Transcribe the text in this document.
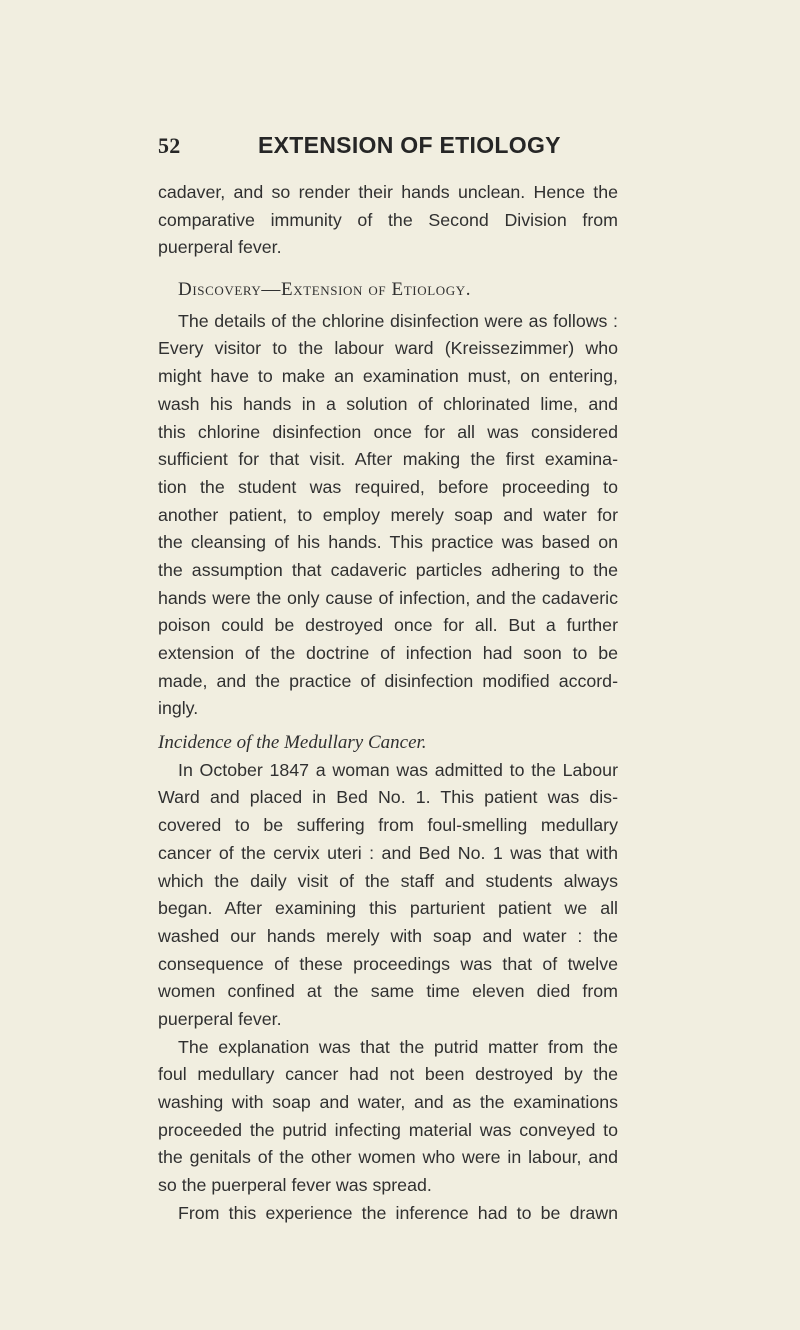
52	EXTENSION OF ETIOLOGY
cadaver, and so render their hands unclean. Hence the
comparative immunity of the Second Division from
puerperal fever.
Discovery—Extension of Etiology.
The details of the chlorine disinfection were as follows :
Every visitor to the labour ward (Kreissezimmer) who
might have to make an examination must, on entering,
wash his hands in a solution of chlorinated lime, and
this chlorine disinfection once for all was considered
sufficient for that visit. After making the first examina-
tion the student was required, before proceeding to
another patient, to employ merely soap and water for
the cleansing of his hands. This practice was based on
the assumption that cadaveric particles adhering to the
hands were the only cause of infection, and the cadaveric
poison could be destroyed once for all. But a further
extension of the doctrine of infection had soon to be
made, and the practice of disinfection modified accord-
ingly.
Incidence of the Medullary Cancer.
In October 1847 a woman was admitted to the Labour
Ward and placed in Bed No. 1. This patient was dis-
covered to be suffering from foul-smelling medullary
cancer of the cervix uteri : and Bed No. 1 was that with
which the daily visit of the staff and students always
began. After examining this parturient patient we all
washed our hands merely with soap and water : the
consequence of these proceedings was that of twelve
women confined at the same time eleven died from
puerperal fever.
The explanation was that the putrid matter from the
foul medullary cancer had not been destroyed by the
washing with soap and water, and as the examinations
proceeded the putrid infecting material was conveyed to
the genitals of the other women who were in labour, and
so the puerperal fever was spread.
From this experience the inference had to be drawn
